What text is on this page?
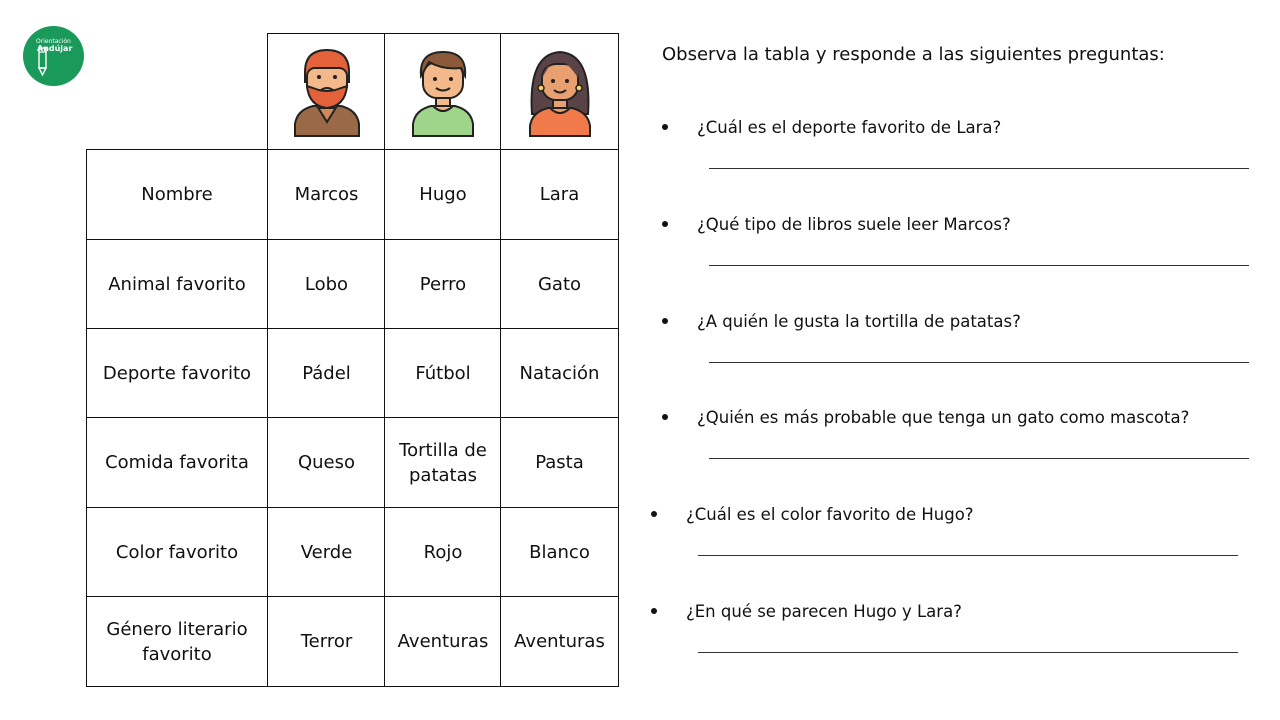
Orientación
Andújar
Nombre
Animal favorito
Deporte favorito
Comida favorita
Color favorito
Género literario favorito
Marcos
Lobo
Pádel
Queso
Verde
Terror
Hugo
Perro
Fútbol
Tortilla de patatas
Rojo
Aventuras
Lara
Gato
Natación
Pasta
Blanco
Aventuras
Observa la tabla y responde a las siguientes preguntas:
¿Cuál es el deporte favorito de Lara?
¿Qué tipo de libros suele leer Marcos?
¿A quién le gusta la tortilla de patatas?
¿Quién es más probable que tenga un gato como mascota?
¿Cuál es el color favorito de Hugo?
¿En qué se parecen Hugo y Lara?
